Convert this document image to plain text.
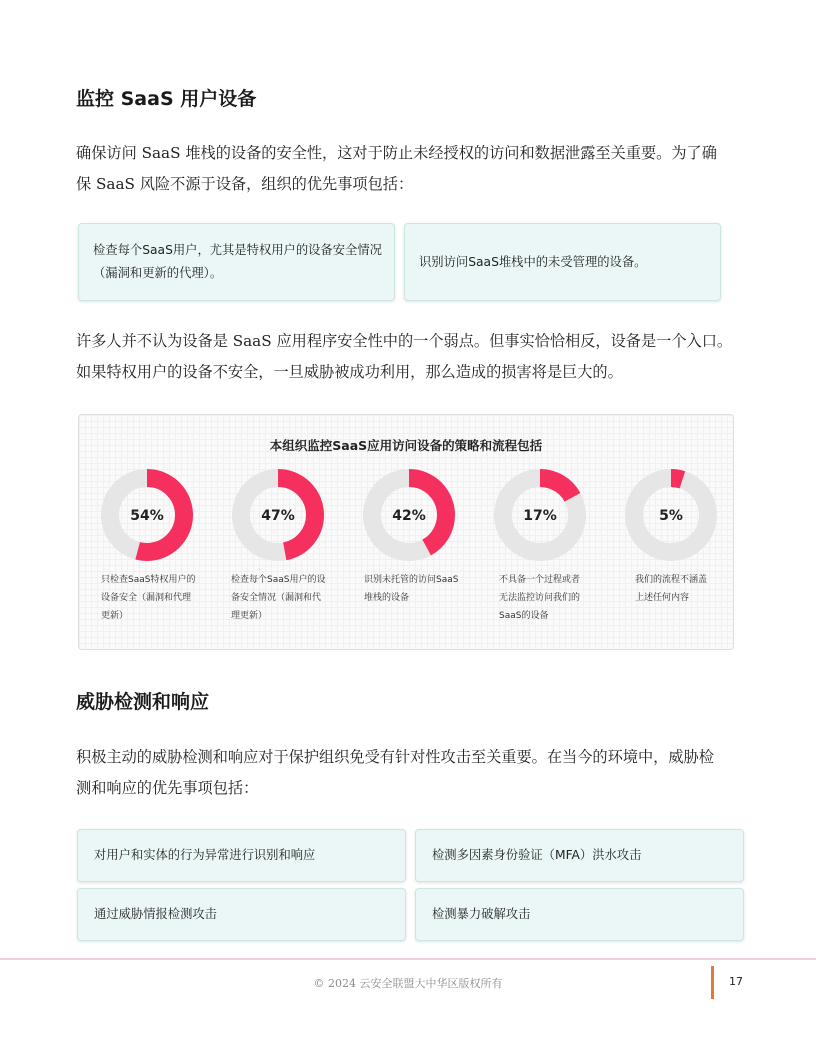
监控 SaaS 用户设备
确保访问 SaaS 堆栈的设备的安全性，这对于防止未经授权的访问和数据泄露至关重要。为了确
保 SaaS 风险不源于设备，组织的优先事项包括：
检查每个SaaS用户，尤其是特权用户的设备安全情况
（漏洞和更新的代理）。
识别访问SaaS堆栈中的未受管理的设备。
许多人并不认为设备是 SaaS 应用程序安全性中的一个弱点。但事实恰恰相反，设备是一个入口。
如果特权用户的设备不安全，一旦威胁被成功利用，那么造成的损害将是巨大的。
本组织监控SaaS应用访问设备的策略和流程包括
54%	47%	42%	17%	5%
只检查SaaS特权用户的
设备安全（漏洞和代理
更新）
检查每个SaaS用户的设
备安全情况（漏洞和代
理更新）
识别未托管的访问SaaS
堆栈的设备
不具备一个过程或者
无法监控访问我们的
SaaS的设备
我们的流程不涵盖
上述任何内容
威胁检测和响应
积极主动的威胁检测和响应对于保护组织免受有针对性攻击至关重要。在当今的环境中，威胁检
测和响应的优先事项包括：
对用户和实体的行为异常进行识别和响应	检测多因素身份验证（MFA）洪水攻击
通过威胁情报检测攻击	检测暴力破解攻击
© 2024 云安全联盟大中华区版权所有	17
